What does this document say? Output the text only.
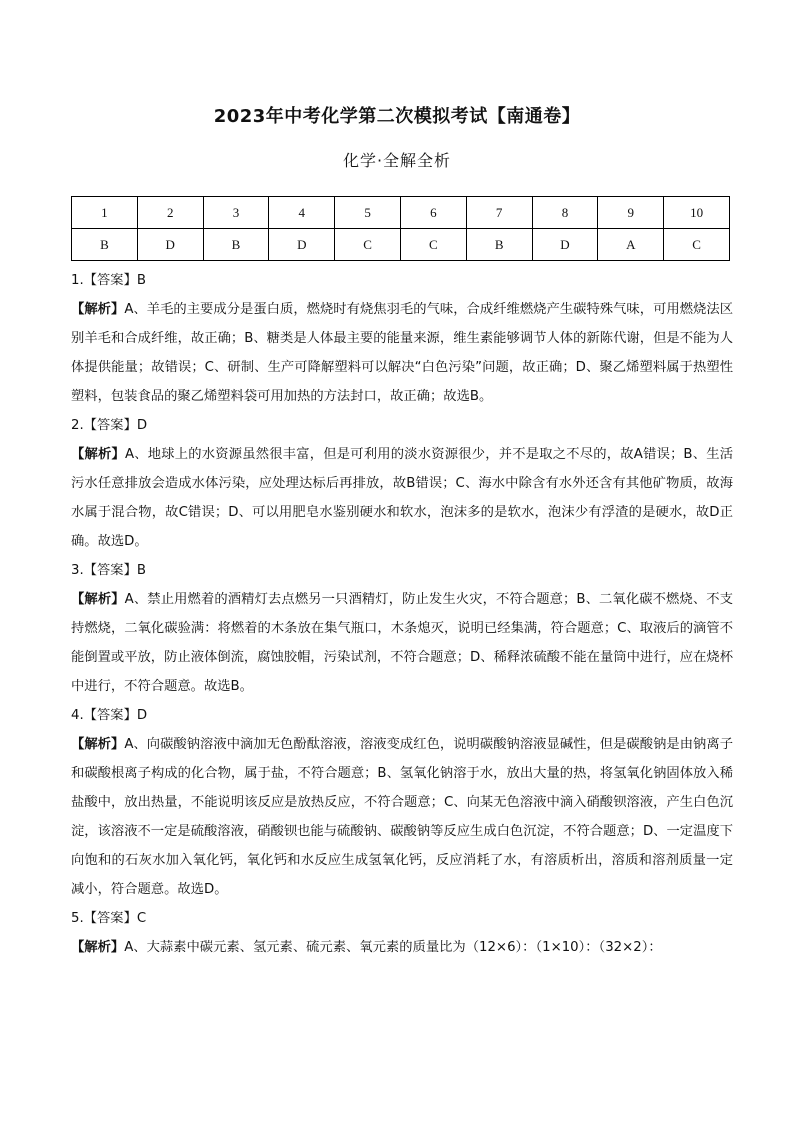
2023年中考化学第二次模拟考试【南通卷】
化学·全解全析
1	2	3	4	5	6	7	8	9	10
B	D	B	D	C	C	B	D	A	C

1.【答案】B

【解析】A、羊毛的主要成分是蛋白质，燃烧时有烧焦羽毛的气味，合成纤维燃烧产生碳特殊气味，可用燃烧法区别羊毛和合成纤维，故正确；B、糖类是人体最主要的能量来源，维生素能够调节人体的新陈代谢，但是不能为人体提供能量；故错误；C、研制、生产可降解塑料可以解决“白色污染”问题，故正确；D、聚乙烯塑料属于热塑性塑料，包装食品的聚乙烯塑料袋可用加热的方法封口，故正确；故选B。

2.【答案】D

【解析】A、地球上的水资源虽然很丰富，但是可利用的淡水资源很少，并不是取之不尽的，故A错误；B、生活污水任意排放会造成水体污染，应处理达标后再排放，故B错误；C、海水中除含有水外还含有其他矿物质，故海水属于混合物，故C错误；D、可以用肥皂水鉴别硬水和软水，泡沫多的是软水，泡沫少有浮渣的是硬水，故D正确。故选D。

3.【答案】B

【解析】A、禁止用燃着的酒精灯去点燃另一只酒精灯，防止发生火灾，不符合题意；B、二氧化碳不燃烧、不支持燃烧，二氧化碳验满：将燃着的木条放在集气瓶口，木条熄灭，说明已经集满，符合题意；C、取液后的滴管不能倒置或平放，防止液体倒流，腐蚀胶帽，污染试剂，不符合题意；D、稀释浓硫酸不能在量筒中进行，应在烧杯中进行，不符合题意。故选B。

4.【答案】D

【解析】A、向碳酸钠溶液中滴加无色酚酞溶液，溶液变成红色，说明碳酸钠溶液显碱性，但是碳酸钠是由钠离子和碳酸根离子构成的化合物，属于盐，不符合题意；B、氢氧化钠溶于水，放出大量的热，将氢氧化钠固体放入稀盐酸中，放出热量，不能说明该反应是放热反应，不符合题意；C、向某无色溶液中滴入硝酸钡溶液，产生白色沉淀，该溶液不一定是硫酸溶液，硝酸钡也能与硫酸钠、碳酸钠等反应生成白色沉淀，不符合题意；D、一定温度下向饱和的石灰水加入氧化钙，氧化钙和水反应生成氢氧化钙，反应消耗了水，有溶质析出，溶质和溶剂质量一定减小，符合题意。故选D。

5.【答案】C

【解析】A、大蒜素中碳元素、氢元素、硫元素、氧元素的质量比为（12×6）：（1×10）：（32×2）：
